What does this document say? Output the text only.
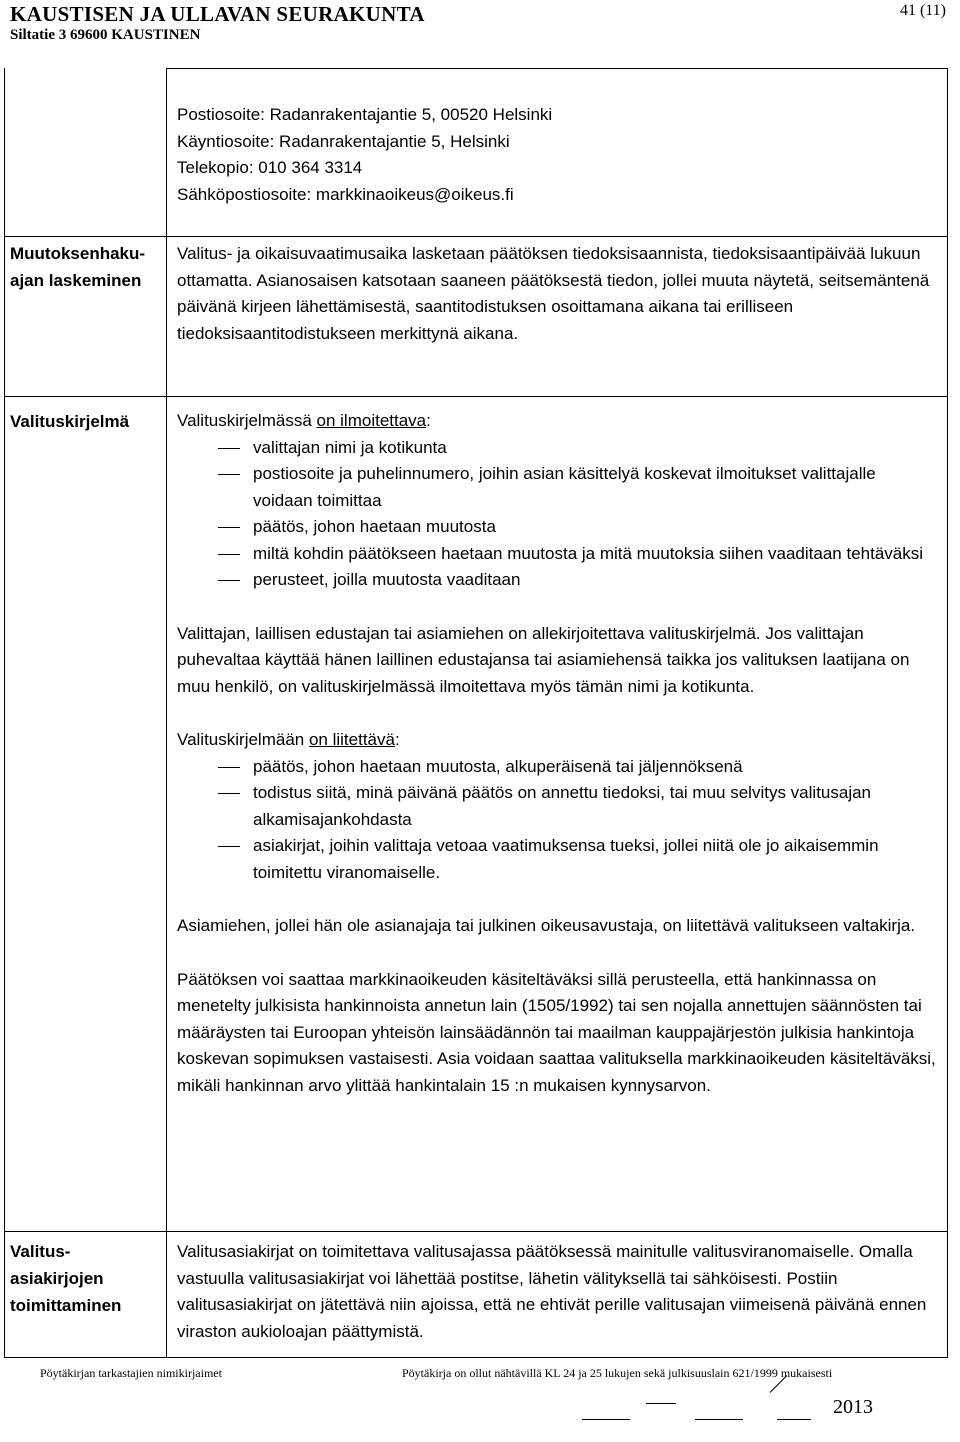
KAUSTISEN JA ULLAVAN SEURAKUNTA
Siltatie 3 69600 KAUSTINEN
41 (11)

Postiosoite: Radanrakentajantie 5, 00520 Helsinki

Käyntiosoite: Radanrakentajantie 5, Helsinki

Telekopio: 010 364 3314

Sähköpostiosoite: markkinaoikeus@oikeus.fi

Muutoksenhaku-
ajan laskeminen

Valitus- ja oikaisuvaatimusaika lasketaan päätöksen tiedoksisaannista, tiedoksisaantipäivää lukuun ottamatta. Asianosaisen katsotaan saaneen päätöksestä tiedon, jollei muuta näytetä, seitsemäntenä päivänä kirjeen lähettämisestä, saantitodistuksen osoittamana aikana tai erilliseen tiedoksisaantitodistukseen merkittynä aikana.

Valituskirjelmä	Valituskirjelmässä on ilmoitettava:

valittajan nimi ja kotikunta
postiosoite ja puhelinnumero, joihin asian käsittelyä koskevat ilmoitukset valittajalle voidaan toimittaa
päätös, johon haetaan muutosta
miltä kohdin päätökseen haetaan muutosta ja mitä muutoksia siihen vaaditaan tehtäväksi
perusteet, joilla muutosta vaaditaan

Valittajan, laillisen edustajan tai asiamiehen on allekirjoitettava valituskirjelmä. Jos valittajan puhevaltaa käyttää hänen laillinen edustajansa tai asiamiehensä taikka jos valituksen laatijana on muu henkilö, on valituskirjelmässä ilmoitettava myös tämän nimi ja kotikunta.

Valituskirjelmään on liitettävä:

päätös, johon haetaan muutosta, alkuperäisenä tai jäljennöksenä
todistus siitä, minä päivänä päätös on annettu tiedoksi, tai muu selvitys valitusajan alkamisajankohdasta
asiakirjat, joihin valittaja vetoaa vaatimuksensa tueksi, jollei niitä ole jo aikaisemmin toimitettu viranomaiselle.

Asiamiehen, jollei hän ole asianajaja tai julkinen oikeusavustaja, on liitettävä valitukseen valtakirja.

Päätöksen voi saattaa markkinaoikeuden käsiteltäväksi sillä perusteella, että hankinnassa on menetelty julkisista hankinnoista annetun lain (1505/1992) tai sen nojalla annettujen säännösten tai määräysten tai Euroopan yhteisön lainsäädännön tai maailman kauppajärjestön julkisia hankintoja koskevan sopimuksen vastaisesti. Asia voidaan saattaa valituksella markkinaoikeuden käsiteltäväksi, mikäli hankinnan arvo ylittää hankintalain 15 :n mukaisen kynnysarvon.

Valitus-
asiakirjojen
toimittaminen

Valitusasiakirjat on toimitettava valitusajassa päätöksessä mainitulle valitusviranomaiselle. Omalla vastuulla valitusasiakirjat voi lähettää postitse, lähetin välityksellä tai sähköisesti. Postiin valitusasiakirjat on jätettävä niin ajoissa, että ne ehtivät perille valitusajan viimeisenä päivänä ennen viraston aukioloajan päättymistä.

Pöytäkirjan tarkastajien nimikirjaimet	Pöytäkirja on ollut nähtävillä KL 24 ja 25 lukujen sekä julkisuuslain 621/1999 mukaisesti
2013
